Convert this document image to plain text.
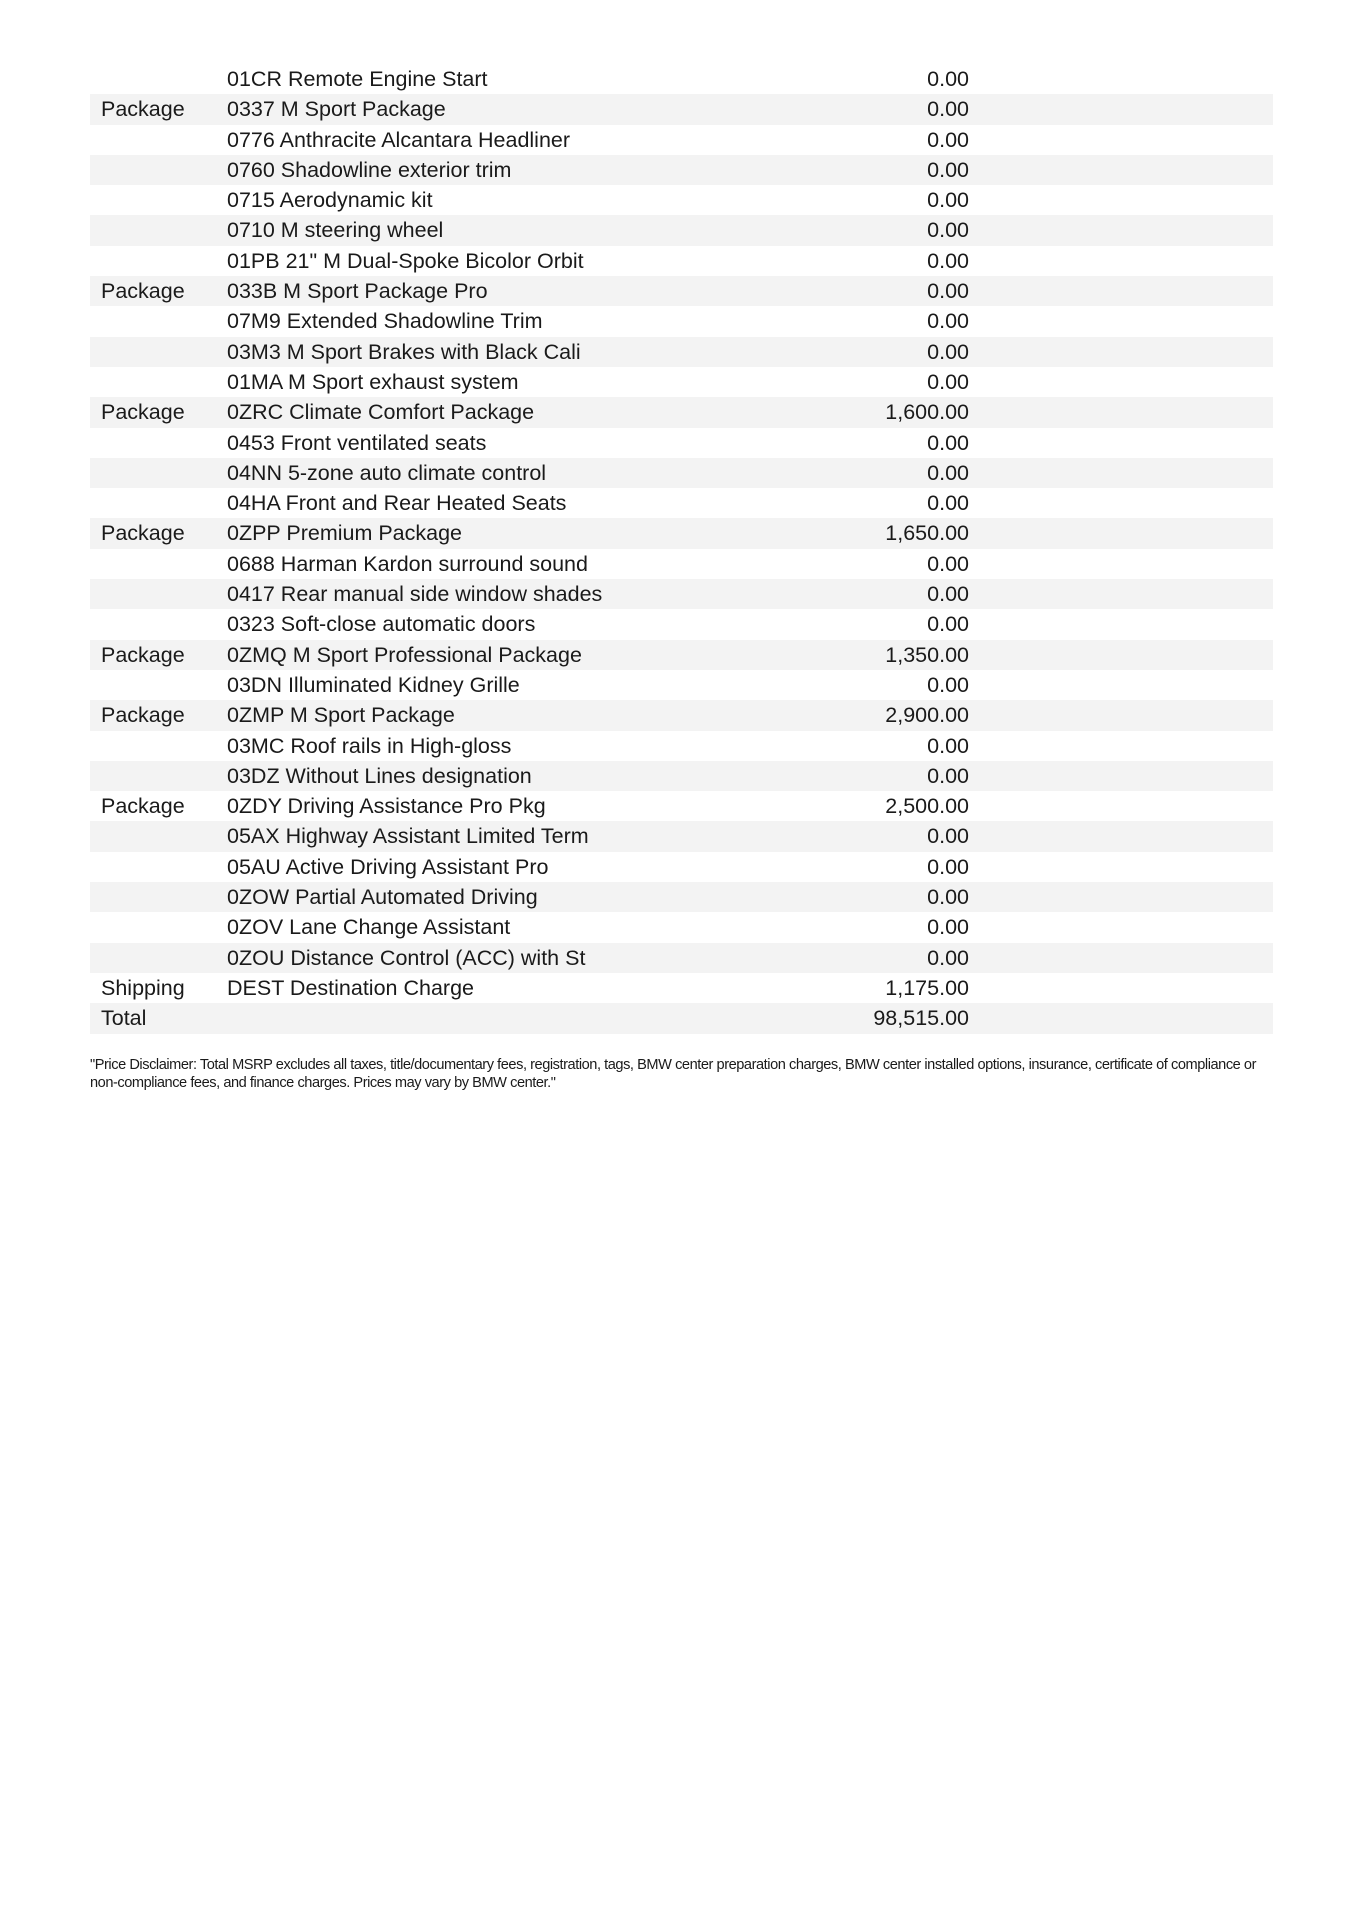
	01CR Remote Engine Start	0.00	
Package	0337 M Sport Package	0.00	
	0776 Anthracite Alcantara Headliner	0.00	
	0760 Shadowline exterior trim	0.00	
	0715 Aerodynamic kit	0.00	
	0710 M steering wheel	0.00	
	01PB 21" M Dual-Spoke Bicolor Orbit	0.00	
Package	033B M Sport Package Pro	0.00	
	07M9 Extended Shadowline Trim	0.00	
	03M3 M Sport Brakes with Black Cali	0.00	
	01MA M Sport exhaust system	0.00	
Package	0ZRC Climate Comfort Package	1,600.00	
	0453 Front ventilated seats	0.00	
	04NN 5-zone auto climate control	0.00	
	04HA Front and Rear Heated Seats	0.00	
Package	0ZPP Premium Package	1,650.00	
	0688 Harman Kardon surround sound	0.00	
	0417 Rear manual side window shades	0.00	
	0323 Soft-close automatic doors	0.00	
Package	0ZMQ M Sport Professional Package	1,350.00	
	03DN Illuminated Kidney Grille	0.00	
Package	0ZMP M Sport Package	2,900.00	
	03MC Roof rails in High-gloss	0.00	
	03DZ Without Lines designation	0.00	
Package	0ZDY Driving Assistance Pro Pkg	2,500.00	
	05AX Highway Assistant Limited Term	0.00	
	05AU Active Driving Assistant Pro	0.00	
	0ZOW Partial Automated Driving	0.00	
	0ZOV Lane Change Assistant	0.00	
	0ZOU Distance Control (ACC) with St	0.00	
Shipping	DEST Destination Charge	1,175.00	
Total		98,515.00	
"Price Disclaimer: Total MSRP excludes all taxes, title/documentary fees, registration, tags, BMW center preparation charges, BMW center installed options, insurance, certificate of compliance or non-compliance fees, and finance charges. Prices may vary by BMW center."
